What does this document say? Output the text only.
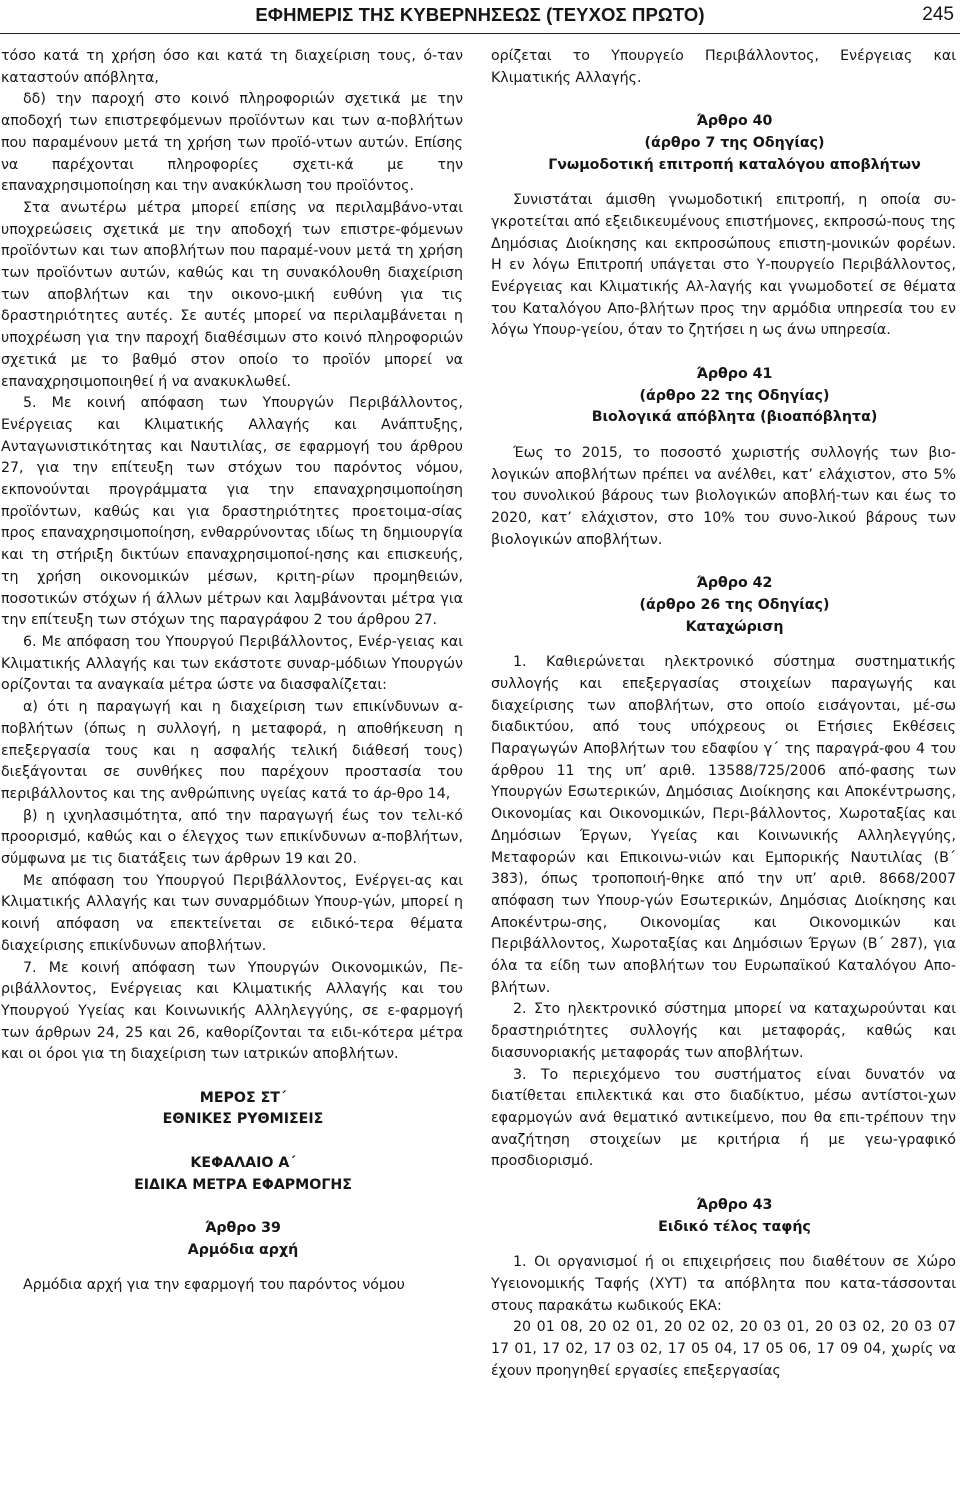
ΕΦΗΜΕΡΙΣ ΤΗΣ ΚΥΒΕΡΝΗΣΕΩΣ (ΤΕΥΧΟΣ ΠΡΩΤΟ)	245

τόσο κατά τη χρήση όσο και κατά τη διαχείριση τους, ό-ταν καταστούν απόβλητα,

δδ) την παροχή στο κοινό πληροφοριών σχετικά με την αποδοχή των επιστρεφόμενων προϊόντων και των α-ποβλήτων που παραμένουν μετά τη χρήση των προϊό-ντων αυτών. Επίσης να παρέχονται πληροφορίες σχετι-κά με την επαναχρησιμοποίηση και την ανακύκλωση του προϊόντος.

Στα ανωτέρω μέτρα μπορεί επίσης να περιλαμβάνο-νται υποχρεώσεις σχετικά με την αποδοχή των επιστρε-φόμενων προϊόντων και των αποβλήτων που παραμέ-νουν μετά τη χρήση των προϊόντων αυτών, καθώς και τη συνακόλουθη διαχείριση των αποβλήτων και την οικονο-μική ευθύνη για τις δραστηριότητες αυτές. Σε αυτές μπορεί να περιλαμβάνεται η υποχρέωση για την παροχή διαθέσιμων στο κοινό πληροφοριών σχετικά με το βαθμό στον οποίο το προϊόν μπορεί να επαναχρησιμοποιηθεί ή να ανακυκλωθεί.

5. Με κοινή απόφαση των Υπουργών Περιβάλλοντος, Ενέργειας και Κλιματικής Αλλαγής και Ανάπτυξης, Ανταγωνιστικότητας και Ναυτιλίας, σε εφαρμογή του άρθρου 27, για την επίτευξη των στόχων του παρόντος νόμου, εκπονούνται προγράμματα για την επαναχρησιμοποίηση προϊόντων, καθώς και για δραστηριότητες προετοιμα-σίας προς επαναχρησιμοποίηση, ενθαρρύνοντας ιδίως τη δημιουργία και τη στήριξη δικτύων επαναχρησιμοποί-ησης και επισκευής, τη χρήση οικονομικών μέσων, κριτη-ρίων προμηθειών, ποσοτικών στόχων ή άλλων μέτρων και λαμβάνονται μέτρα για την επίτευξη των στόχων της παραγράφου 2 του άρθρου 27.

6. Με απόφαση του Υπουργού Περιβάλλοντος, Ενέρ-γειας και Κλιματικής Αλλαγής και των εκάστοτε συναρ-μόδιων Υπουργών ορίζονται τα αναγκαία μέτρα ώστε να διασφαλίζεται:

α) ότι η παραγωγή και η διαχείριση των επικίνδυνων α-ποβλήτων (όπως η συλλογή, η μεταφορά, η αποθήκευση η επεξεργασία τους και η ασφαλής τελική διάθεσή τους) διεξάγονται σε συνθήκες που παρέχουν προστασία του περιβάλλοντος και της ανθρώπινης υγείας κατά το άρ-θρο 14,

β) η ιχνηλασιμότητα, από την παραγωγή έως τον τελι-κό προορισμό, καθώς και ο έλεγχος των επικίνδυνων α-ποβλήτων, σύμφωνα με τις διατάξεις των άρθρων 19 και 20.

Με απόφαση του Υπουργού Περιβάλλοντος, Ενέργει-ας και Κλιματικής Αλλαγής και των συναρμόδιων Υπουρ-γών, μπορεί η κοινή απόφαση να επεκτείνεται σε ειδικό-τερα θέματα διαχείρισης επικίνδυνων αποβλήτων.

7. Με κοινή απόφαση των Υπουργών Οικονομικών, Πε-ριβάλλοντος, Ενέργειας και Κλιματικής Αλλαγής και του Υπουργού Υγείας και Κοινωνικής Αλληλεγγύης, σε ε-φαρμογή των άρθρων 24, 25 και 26, καθορίζονται τα ειδι-κότερα μέτρα και οι όροι για τη διαχείριση των ιατρικών αποβλήτων.

ΜΕΡΟΣ ΣΤ΄

ΕΘΝΙΚΕΣ ΡΥΘΜΙΣΕΙΣ

ΚΕΦΑΛΑΙΟ Α΄

ΕΙΔΙΚΑ ΜΕΤΡΑ ΕΦΑΡΜΟΓΗΣ

Άρθρο 39

Αρμόδια αρχή

Αρμόδια αρχή για την εφαρμογή του παρόντος νόμου

ορίζεται το Υπουργείο Περιβάλλοντος, Ενέργειας και Κλιματικής Αλλαγής.

Άρθρο 40

(άρθρο 7 της Οδηγίας)

Γνωμοδοτική επιτροπή καταλόγου αποβλήτων

Συνιστάται άμισθη γνωμοδοτική επιτροπή, η οποία συ-γκροτείται από εξειδικευμένους επιστήμονες, εκπροσώ-πους της Δημόσιας Διοίκησης και εκπροσώπους επιστη-μονικών φορέων. Η εν λόγω Επιτροπή υπάγεται στο Υ-πουργείο Περιβάλλοντος, Ενέργειας και Κλιματικής Αλ-λαγής και γνωμοδοτεί σε θέματα του Καταλόγου Απο-βλήτων προς την αρμόδια υπηρεσία του εν λόγω Υπουρ-γείου, όταν το ζητήσει η ως άνω υπηρεσία.

Άρθρο 41

(άρθρο 22 της Οδηγίας)

Βιολογικά απόβλητα (βιοαπόβλητα)

Έως το 2015, το ποσοστό χωριστής συλλογής των βιο-λογικών αποβλήτων πρέπει να ανέλθει, κατ’ ελάχιστον, στο 5% του συνολικού βάρους των βιολογικών αποβλή-των και έως το 2020, κατ’ ελάχιστον, στο 10% του συνο-λικού βάρους των βιολογικών αποβλήτων.

Άρθρο 42

(άρθρο 26 της Οδηγίας)

Καταχώριση

1. Καθιερώνεται ηλεκτρονικό σύστημα συστηματικής συλλογής και επεξεργασίας στοιχείων παραγωγής και διαχείρισης των αποβλήτων, στο οποίο εισάγονται, μέ-σω διαδικτύου, από τους υπόχρεους οι Ετήσιες Εκθέσεις Παραγωγών Αποβλήτων του εδαφίου γ΄ της παραγρά-φου 4 του άρθρου 11 της υπ’ αριθ. 13588/725/2006 από-φασης των Υπουργών Εσωτερικών, Δημόσιας Διοίκησης και Αποκέντρωσης, Οικονομίας και Οικονομικών, Περι-βάλλοντος, Χωροταξίας και Δημόσιων Έργων, Υγείας και Κοινωνικής Αλληλεγγύης, Μεταφορών και Επικοινω-νιών και Εμπορικής Ναυτιλίας (Β΄ 383), όπως τροποποιή-θηκε από την υπ’ αριθ. 8668/2007 απόφαση των Υπουρ-γών Εσωτερικών, Δημόσιας Διοίκησης και Αποκέντρω-σης, Οικονομίας και Οικονομικών και Περιβάλλοντος, Χωροταξίας και Δημόσιων Έργων (Β΄ 287), για όλα τα είδη των αποβλήτων του Ευρωπαϊκού Καταλόγου Απο-βλήτων.

2. Στο ηλεκτρονικό σύστημα μπορεί να καταχωρούνται και δραστηριότητες συλλογής και μεταφοράς, καθώς και διασυνοριακής μεταφοράς των αποβλήτων.

3. Το περιεχόμενο του συστήματος είναι δυνατόν να διατίθεται επιλεκτικά και στο διαδίκτυο, μέσω αντίστοι-χων εφαρμογών ανά θεματικό αντικείμενο, που θα επι-τρέπουν την αναζήτηση στοιχείων με κριτήρια ή με γεω-γραφικό προσδιορισμό.

Άρθρο 43

Ειδικό τέλος ταφής

1. Οι οργανισμοί ή οι επιχειρήσεις που διαθέτουν σε Χώρο Υγειονομικής Ταφής (ΧΥΤ) τα απόβλητα που κατα-τάσσονται στους παρακάτω κωδικούς ΕΚΑ:

20 01 08, 20 02 01, 20 02 02, 20 03 01, 20 03 02, 20 03 07 17 01, 17 02, 17 03 02, 17 05 04, 17 05 06, 17 09 04, χωρίς να έχουν προηγηθεί εργασίες επεξεργασίας
